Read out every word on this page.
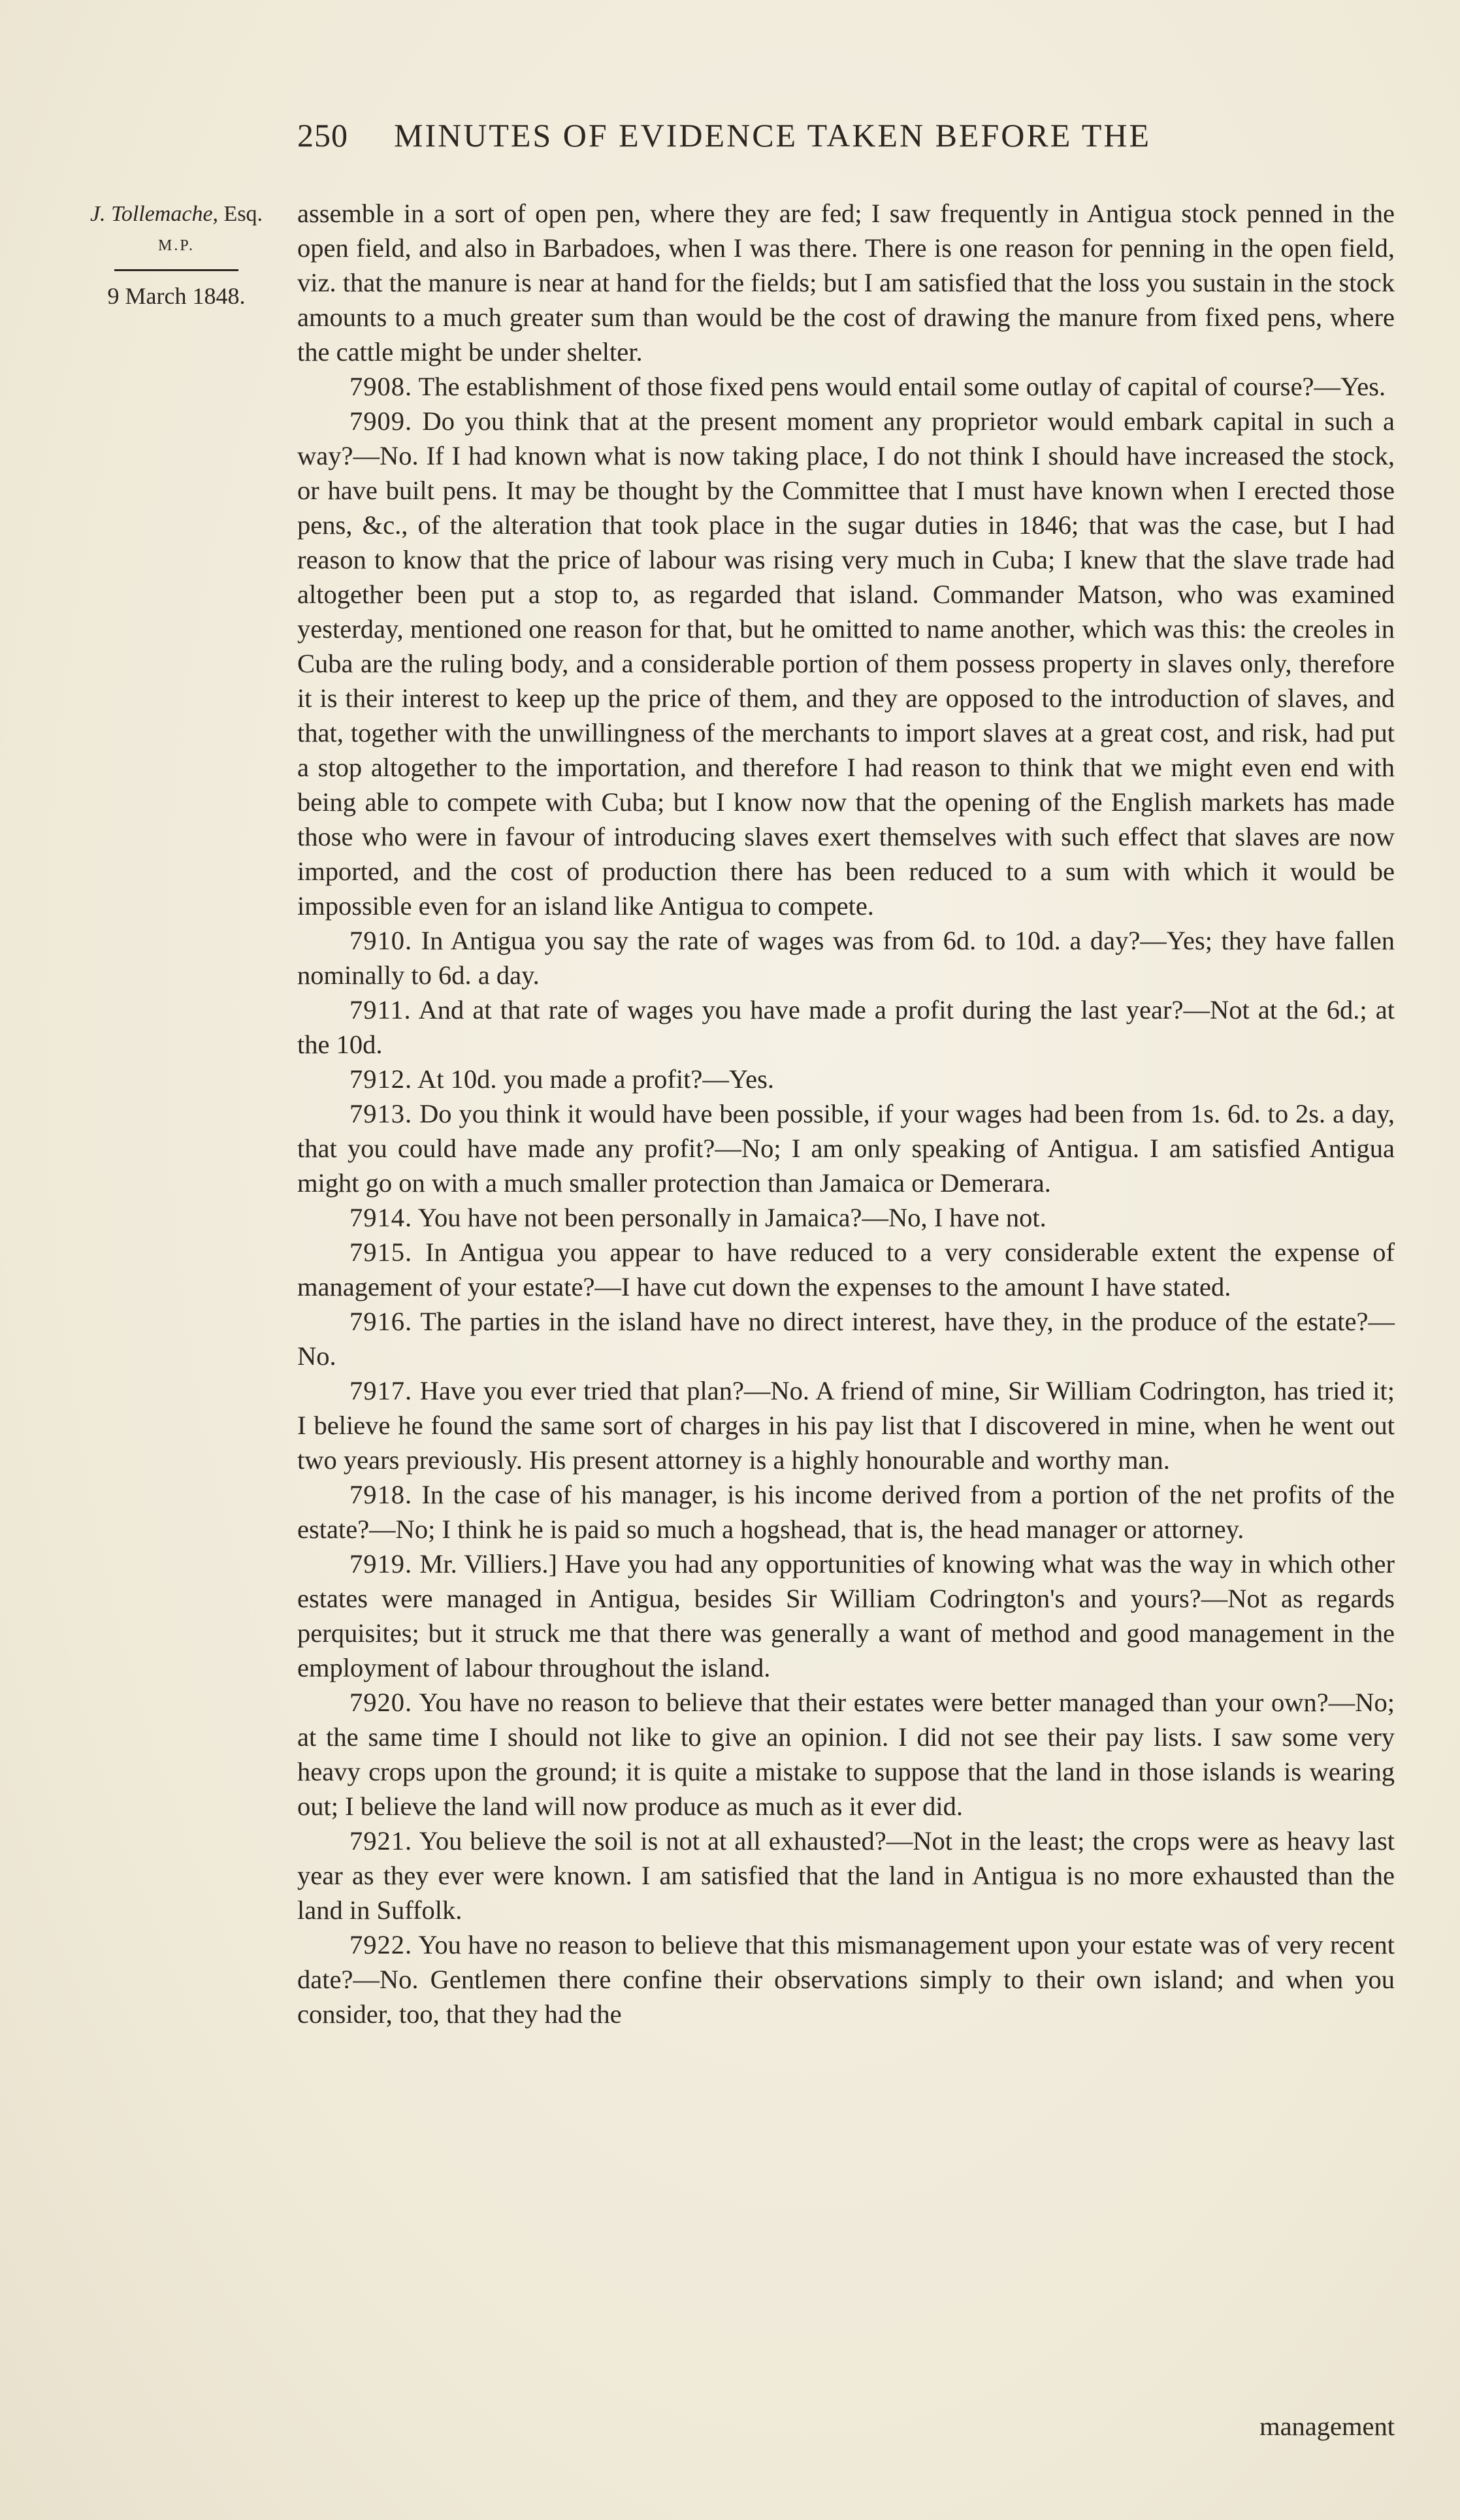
250 MINUTES OF EVIDENCE TAKEN BEFORE THE
J. Tollemache, Esq.
M.P.
9 March 1848.

assemble in a sort of open pen, where they are fed; I saw frequently in Antigua stock penned in the open field, and also in Barbadoes, when I was there. There is one reason for penning in the open field, viz. that the manure is near at hand for the fields; but I am satisfied that the loss you sustain in the stock amounts to a much greater sum than would be the cost of drawing the manure from fixed pens, where the cattle might be under shelter.

7908. The establishment of those fixed pens would entail some outlay of capital of course?—Yes.

7909. Do you think that at the present moment any proprietor would embark capital in such a way?—No. If I had known what is now taking place, I do not think I should have increased the stock, or have built pens. It may be thought by the Committee that I must have known when I erected those pens, &c., of the alteration that took place in the sugar duties in 1846; that was the case, but I had reason to know that the price of labour was rising very much in Cuba; I knew that the slave trade had altogether been put a stop to, as regarded that island. Commander Matson, who was examined yesterday, mentioned one reason for that, but he omitted to name another, which was this: the creoles in Cuba are the ruling body, and a considerable portion of them possess property in slaves only, therefore it is their interest to keep up the price of them, and they are opposed to the introduction of slaves, and that, together with the unwillingness of the merchants to import slaves at a great cost, and risk, had put a stop altogether to the importation, and therefore I had reason to think that we might even end with being able to compete with Cuba; but I know now that the opening of the English markets has made those who were in favour of introducing slaves exert themselves with such effect that slaves are now imported, and the cost of production there has been reduced to a sum with which it would be impossible even for an island like Antigua to compete.

7910. In Antigua you say the rate of wages was from 6d. to 10d. a day?—Yes; they have fallen nominally to 6d. a day.

7911. And at that rate of wages you have made a profit during the last year?—Not at the 6d.; at the 10d.

7912. At 10d. you made a profit?—Yes.

7913. Do you think it would have been possible, if your wages had been from 1s. 6d. to 2s. a day, that you could have made any profit?—No; I am only speaking of Antigua. I am satisfied Antigua might go on with a much smaller protection than Jamaica or Demerara.

7914. You have not been personally in Jamaica?—No, I have not.

7915. In Antigua you appear to have reduced to a very considerable extent the expense of management of your estate?—I have cut down the expenses to the amount I have stated.

7916. The parties in the island have no direct interest, have they, in the produce of the estate?—No.

7917. Have you ever tried that plan?—No. A friend of mine, Sir William Codrington, has tried it; I believe he found the same sort of charges in his pay list that I discovered in mine, when he went out two years previously. His present attorney is a highly honourable and worthy man.

7918. In the case of his manager, is his income derived from a portion of the net profits of the estate?—No; I think he is paid so much a hogshead, that is, the head manager or attorney.

7919. Mr. Villiers.] Have you had any opportunities of knowing what was the way in which other estates were managed in Antigua, besides Sir William Codrington's and yours?—Not as regards perquisites; but it struck me that there was generally a want of method and good management in the employment of labour throughout the island.

7920. You have no reason to believe that their estates were better managed than your own?—No; at the same time I should not like to give an opinion. I did not see their pay lists. I saw some very heavy crops upon the ground; it is quite a mistake to suppose that the land in those islands is wearing out; I believe the land will now produce as much as it ever did.

7921. You believe the soil is not at all exhausted?—Not in the least; the crops were as heavy last year as they ever were known. I am satisfied that the land in Antigua is no more exhausted than the land in Suffolk.

7922. You have no reason to believe that this mismanagement upon your estate was of very recent date?—No. Gentlemen there confine their observations simply to their own island; and when you consider, too, that they had the

management
